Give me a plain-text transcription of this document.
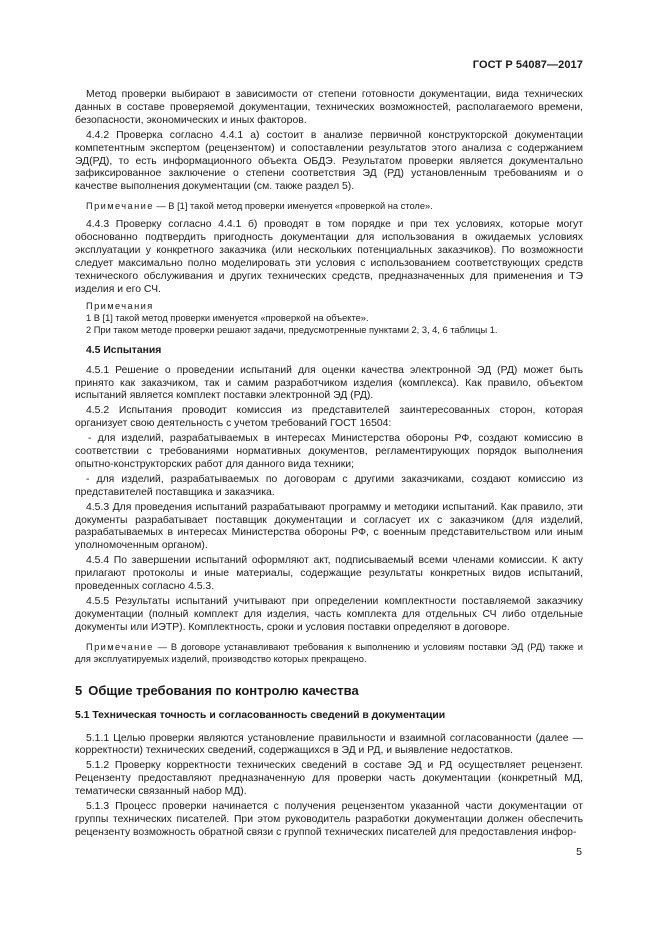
ГОСТ Р 54087—2017

Метод проверки выбирают в зависимости от степени готовности документации, вида технических данных в составе проверяемой документации, технических возможностей, располагаемого времени, безопасности, экономических и иных факторов.

4.4.2 Проверка согласно 4.4.1 а) состоит в анализе первичной конструкторской документации компетентным экспертом (рецензентом) и сопоставлении результатов этого анализа с содержанием ЭД(РД), то есть информационного объекта ОБДЭ. Результатом проверки является документально зафиксированное заключение о степени соответствия ЭД (РД) установленным требованиям и о качестве выполнения документации (см. также раздел 5).

Примечание — В [1] такой метод проверки именуется «проверкой на столе».

4.4.3 Проверку согласно 4.4.1 б) проводят в том порядке и при тех условиях, которые могут обоснованно подтвердить пригодность документации для использования в ожидаемых условиях эксплуатации у конкретного заказчика (или нескольких потенциальных заказчиков). По возможности следует максимально полно моделировать эти условия с использованием соответствующих средств технического обслуживания и других технических средств, предназначенных для применения и ТЭ изделия и его СЧ.

Примечания
1 В [1] такой метод проверки именуется «проверкой на объекте».
2 При таком методе проверки решают задачи, предусмотренные пунктами 2, 3, 4, 6 таблицы 1.
4.5 Испытания

4.5.1 Решение о проведении испытаний для оценки качества электронной ЭД (РД) может быть принято как заказчиком, так и самим разработчиком изделия (комплекса). Как правило, объектом испытаний является комплект поставки электронной ЭД (РД).

4.5.2 Испытания проводит комиссия из представителей заинтересованных сторон, которая организует свою деятельность с учетом требований ГОСТ 16504:

- для изделий, разрабатываемых в интересах Министерства обороны РФ, создают комиссию в соответствии с требованиями нормативных документов, регламентирующих порядок выполнения опытно-конструкторских работ для данного вида техники;

- для изделий, разрабатываемых по договорам с другими заказчиками, создают комиссию из представителей поставщика и заказчика.

4.5.3 Для проведения испытаний разрабатывают программу и методики испытаний. Как правило, эти документы разрабатывает поставщик документации и согласует их с заказчиком (для изделий, разрабатываемых в интересах Министерства обороны РФ, с военным представительством или иным уполномоченным органом).

4.5.4 По завершении испытаний оформляют акт, подписываемый всеми членами комиссии. К акту прилагают протоколы и иные материалы, содержащие результаты конкретных видов испытаний, проведенных согласно 4.5.3.

4.5.5 Результаты испытаний учитывают при определении комплектности поставляемой заказчику документации (полный комплект для изделия, часть комплекта для отдельных СЧ либо отдельные документы или ИЭТР). Комплектность, сроки и условия поставки определяют в договоре.

Примечание — В договоре устанавливают требования к выполнению и условиям поставки ЭД (РД) также и для эксплуатируемых изделий, производство которых прекращено.

5 Общие требования по контролю качества
5.1 Техническая точность и согласованность сведений в документации

5.1.1 Целью проверки являются установление правильности и взаимной согласованности (далее — корректности) технических сведений, содержащихся в ЭД и РД, и выявление недостатков.

5.1.2 Проверку корректности технических сведений в составе ЭД и РД осуществляет рецензент. Рецензенту предоставляют предназначенную для проверки часть документации (конкретный МД, тематически связанный набор МД).

5.1.3 Процесс проверки начинается с получения рецензентом указанной части документации от группы технических писателей. При этом руководитель разработки документации должен обеспечить рецензенту возможность обратной связи с группой технических писателей для предоставления инфор-

5
